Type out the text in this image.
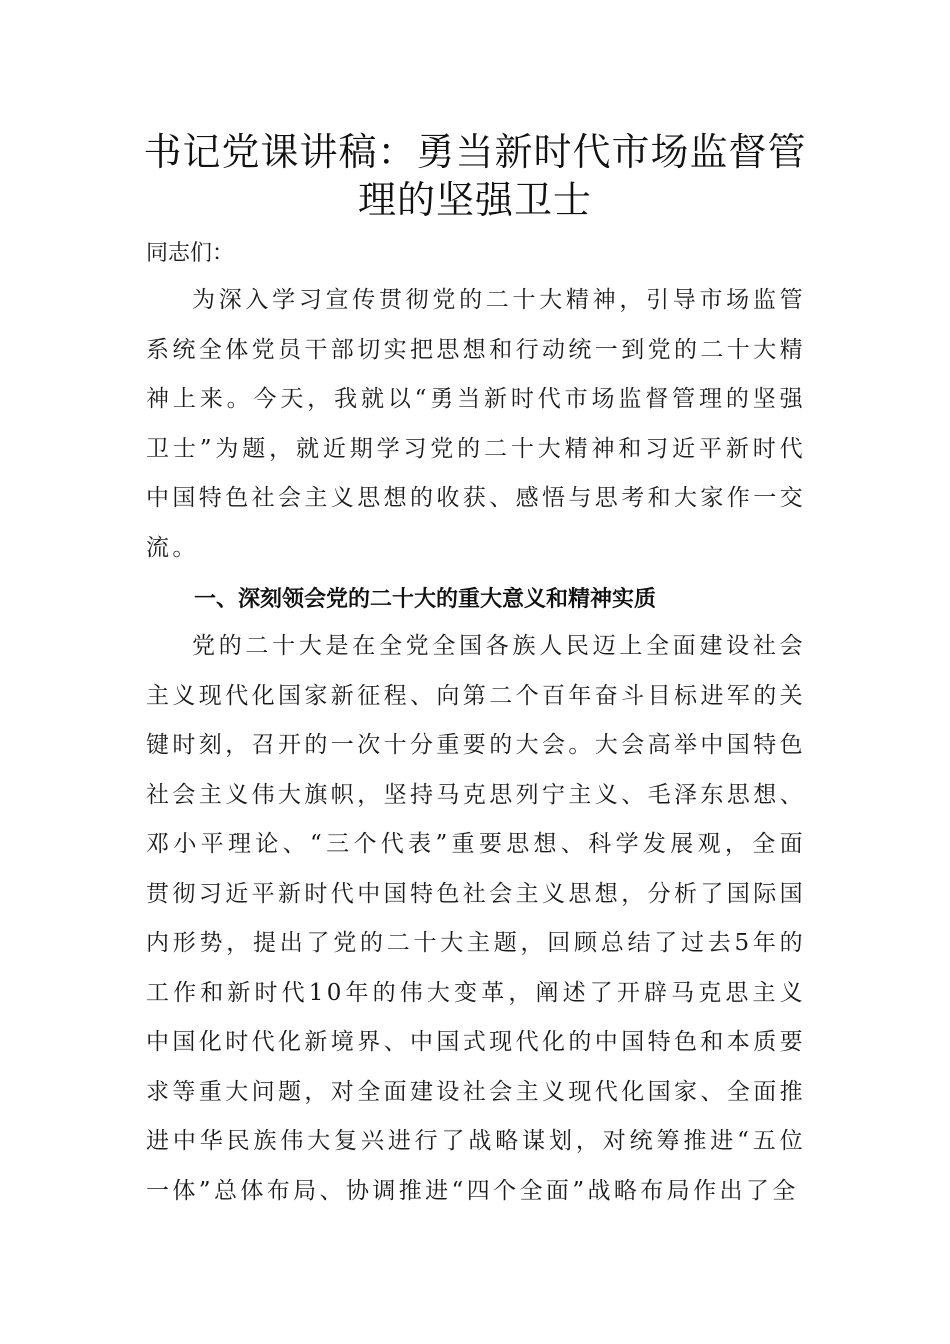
书记党课讲稿：勇当新时代市场监督管理的坚强卫士

同志们：

为深入学习宣传贯彻党的二十大精神，引导市场监管系统全体党员干部切实把思想和行动统一到党的二十大精神上来。今天，我就以“勇当新时代市场监督管理的坚强卫士”为题，就近期学习党的二十大精神和习近平新时代中国特色社会主义思想的收获、感悟与思考和大家作一交流。

一、深刻领会党的二十大的重大意义和精神实质

党的二十大是在全党全国各族人民迈上全面建设社会主义现代化国家新征程、向第二个百年奋斗目标进军的关键时刻，召开的一次十分重要的大会。大会高举中国特色社会主义伟大旗帜，坚持马克思列宁主义、毛泽东思想、邓小平理论、“三个代表”重要思想、科学发展观，全面贯彻习近平新时代中国特色社会主义思想，分析了国际国内形势，提出了党的二十大主题，回顾总结了过去5年的工作和新时代10年的伟大变革，阐述了开辟马克思主义中国化时代化新境界、中国式现代化的中国特色和本质要求等重大问题，对全面建设社会主义现代化国家、全面推进中华民族伟大复兴进行了战略谋划，对统筹推进“五位一体”总体布局、协调推进“四个全面”战略布局作出了全
